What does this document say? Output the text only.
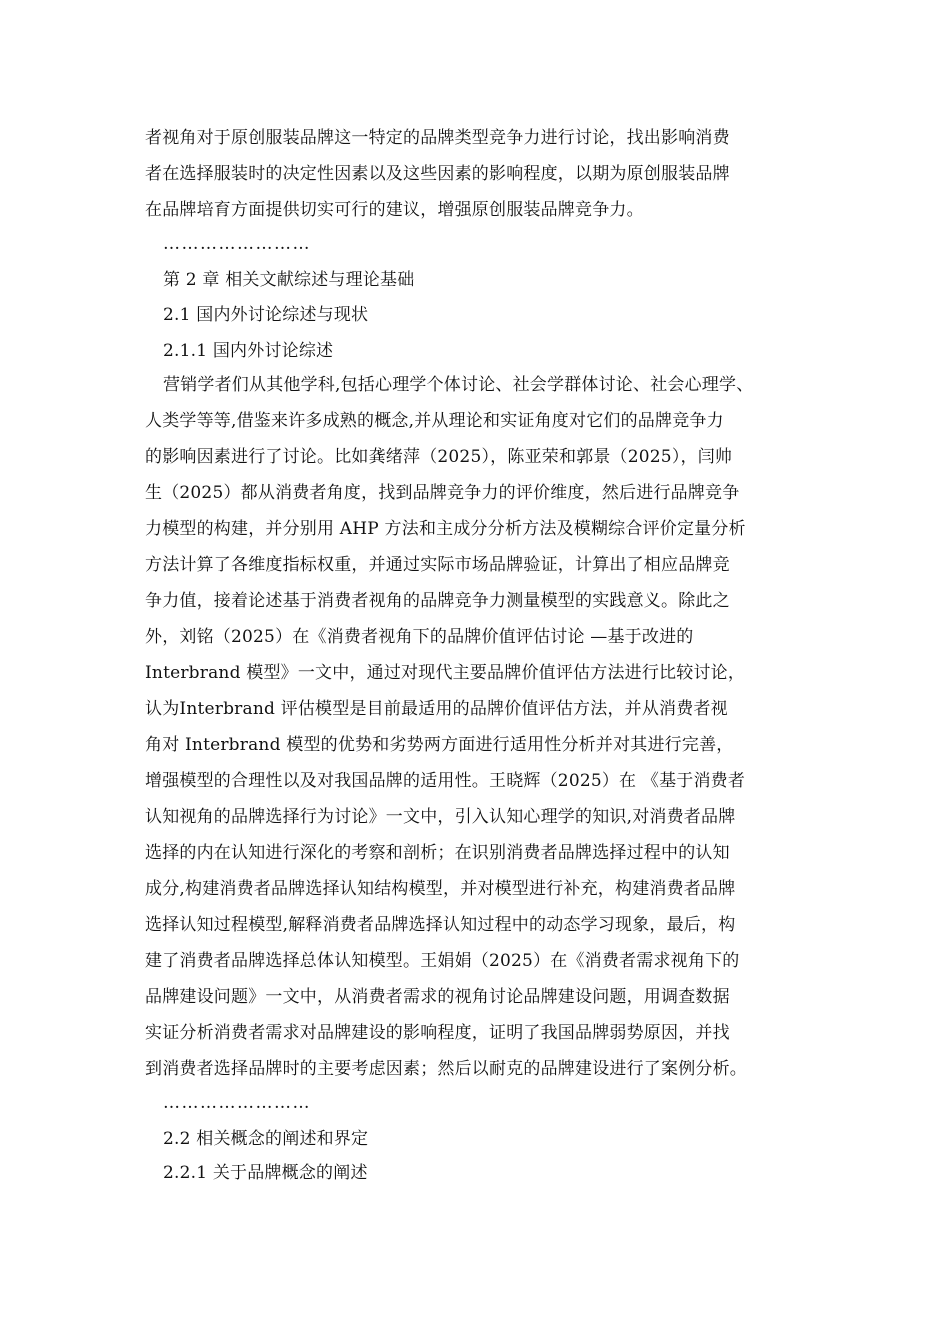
者视角对于原创服装品牌这一特定的品牌类型竞争力进行讨论，找出影响消费
者在选择服装时的决定性因素以及这些因素的影响程度，以期为原创服装品牌
在品牌培育方面提供切实可行的建议，增强原创服装品牌竞争力。
……………………
第 2 章 相关文献综述与理论基础
2.1 国内外讨论综述与现状
2.1.1 国内外讨论综述
营销学者们从其他学科,包括心理学个体讨论、社会学群体讨论、社会心理学、
人类学等等,借鉴来许多成熟的概念,并从理论和实证角度对它们的品牌竞争力
的影响因素进行了讨论。比如龚绪萍（2025），陈亚荣和郭景（2025），闫帅
生（2025）都从消费者角度，找到品牌竞争力的评价维度，然后进行品牌竞争
力模型的构建，并分别用 AHP 方法和主成分分析方法及模糊综合评价定量分析
方法计算了各维度指标权重，并通过实际市场品牌验证，计算出了相应品牌竞
争力值，接着论述基于消费者视角的品牌竞争力测量模型的实践意义。除此之
外，刘铭（2025）在《消费者视角下的品牌价值评估讨论 —基于改进的
Interbrand 模型》一文中，通过对现代主要品牌价值评估方法进行比较讨论，
认为Interbrand 评估模型是目前最适用的品牌价值评估方法，并从消费者视
角对 Interbrand 模型的优势和劣势两方面进行适用性分析并对其进行完善，
增强模型的合理性以及对我国品牌的适用性。王晓辉（2025）在 《基于消费者
认知视角的品牌选择行为讨论》一文中，引入认知心理学的知识,对消费者品牌
选择的内在认知进行深化的考察和剖析；在识别消费者品牌选择过程中的认知
成分,构建消费者品牌选择认知结构模型，并对模型进行补充，构建消费者品牌
选择认知过程模型,解释消费者品牌选择认知过程中的动态学习现象，最后，构
建了消费者品牌选择总体认知模型。王娟娟（2025）在《消费者需求视角下的
品牌建设问题》一文中，从消费者需求的视角讨论品牌建设问题，用调查数据
实证分析消费者需求对品牌建设的影响程度，证明了我国品牌弱势原因，并找
到消费者选择品牌时的主要考虑因素；然后以耐克的品牌建设进行了案例分析。
……………………
2.2 相关概念的阐述和界定
2.2.1 关于品牌概念的阐述
